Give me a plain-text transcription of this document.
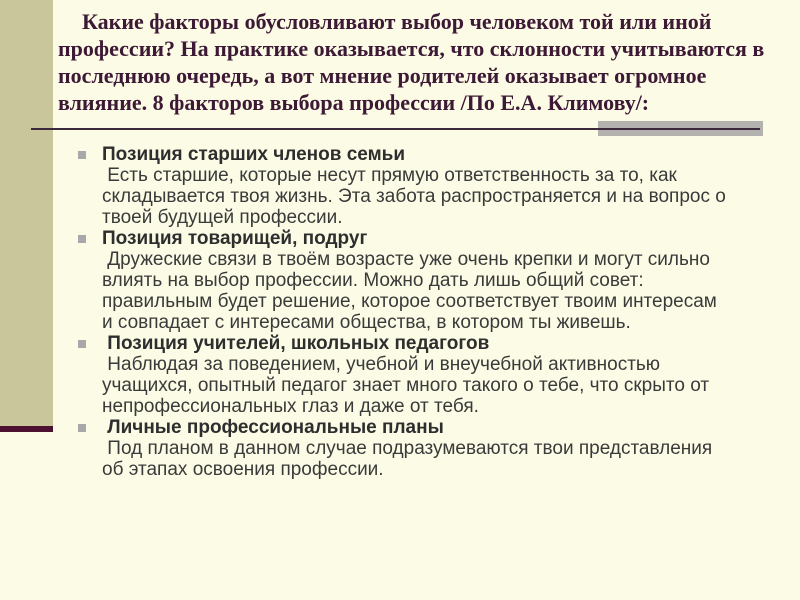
Какие факторы обусловливают выбор человеком той или иной
профессии? На практике оказывается, что склонности учитываются в
последнюю очередь, а вот мнение родителей оказывает огромное
влияние. 8 факторов выбора профессии /По Е.А. Климову/:
Позиция старших членов семьи
Есть старшие, которые несут прямую ответственность за то, как складывается твоя жизнь. Эта забота распространяется и на вопрос о твоей будущей профессии.
Позиция товарищей, подруг
Дружеские связи в твоём возрасте уже очень крепки и могут сильно влиять на выбор профессии. Можно дать лишь общий совет: правильным будет решение, которое соответствует твоим интересам и совпадает с интересами общества, в котором ты живешь.
Позиция учителей, школьных педагогов
Наблюдая за поведением, учебной и внеучебной активностью учащихся, опытный педагог знает много такого о тебе, что скрыто от непрофессиональных глаз и даже от тебя.
Личные профессиональные планы
Под планом в данном случае подразумеваются твои представления об этапах освоения профессии.
